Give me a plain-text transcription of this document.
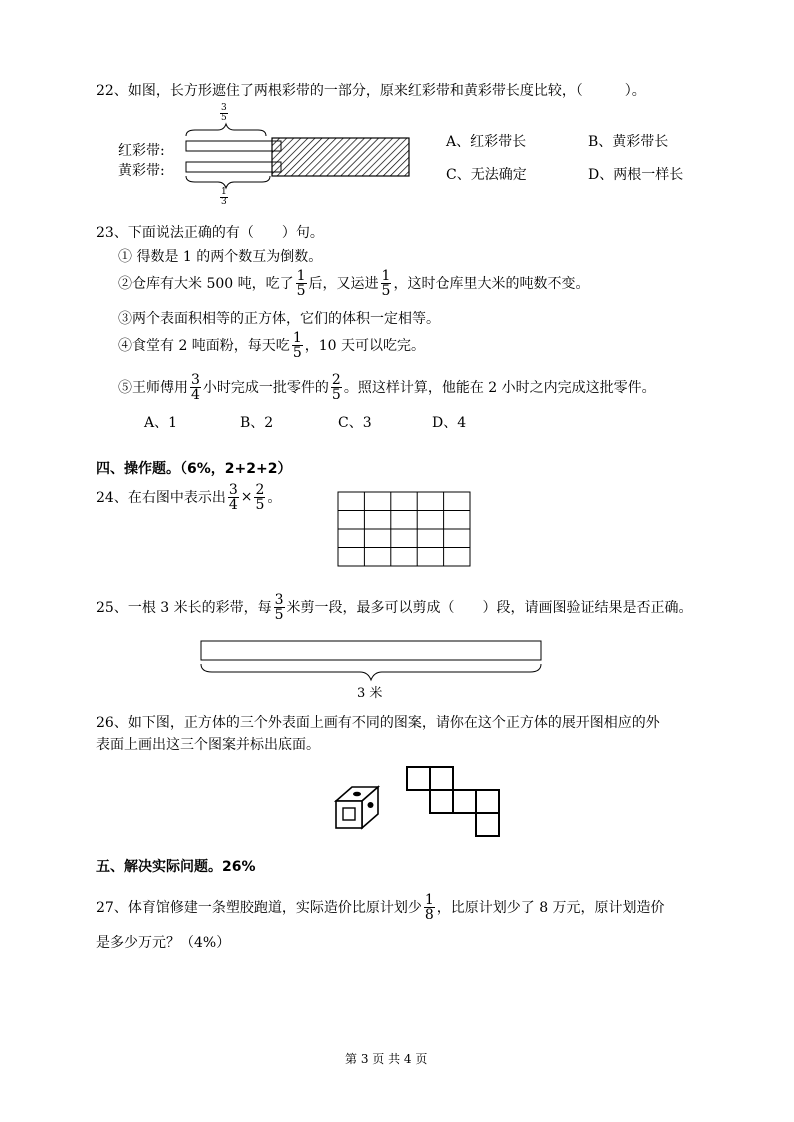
22、如图，长方形遮住了两根彩带的一部分，原来红彩带和黄彩带长度比较，（　　　）。
$\frac{3}{5}$
$\frac{1}{3}$
红彩带:
黄彩带:
A、红彩带长	B、黄彩带长
C、无法确定	D、两根一样长
23、下面说法正确的有（　　）句。
① 得数是 1 的两个数互为倒数。
②仓库有大米 500 吨，吃了 $\frac{1}{5}$ 后，又运进 $\frac{1}{5}$ ，这时仓库里大米的吨数不变。
③两个表面积相等的正方体，它们的体积一定相等。
④食堂有 2 吨面粉，每天吃 $\frac{1}{5}$ ，10 天可以吃完。
⑤王师傅用 $\frac{3}{4}$ 小时完成一批零件的 $\frac{2}{5}$ 。照这样计算，他能在 2 小时之内完成这批零件。
A、1	B、2	C、3	D、4
四、操作题。（6%，2+2+2）
24、在右图中表示出 $\frac{3}{4} \times \frac{2}{5}$ 。
25、一根 3 米长的彩带，每 $\frac{3}{5}$ 米剪一段，最多可以剪成（　　）段，请画图验证结果是否正确。
3 米
26、如下图，正方体的三个外表面上画有不同的图案，请你在这个正方体的展开图相应的外
表面上画出这三个图案并标出底面。
五、解决实际问题。26%
27、体育馆修建一条塑胶跑道，实际造价比原计划少 $\frac{1}{8}$ ，比原计划少了 8 万元，原计划造价
是多少万元？（4%）
第 3 页 共 4 页
